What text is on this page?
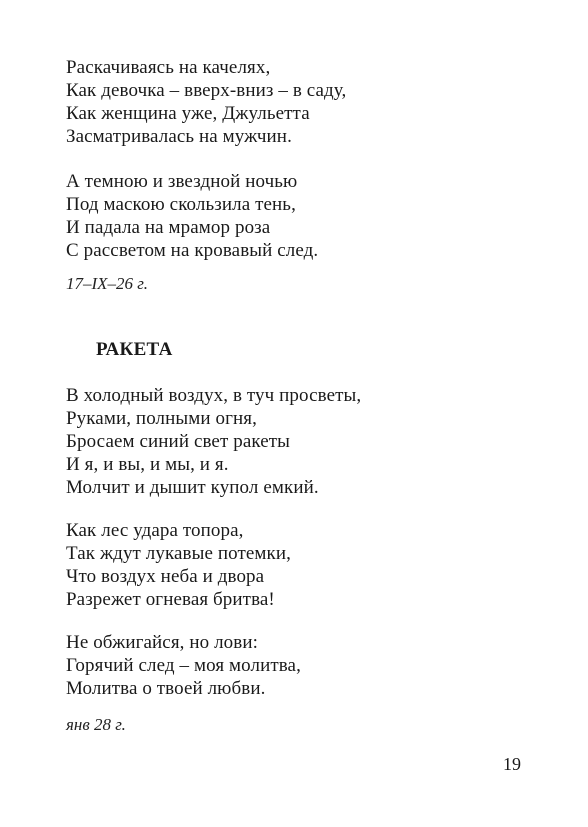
Раскачиваясь на качелях,
Как девочка – вверх-вниз – в саду,
Как женщина уже, Джульетта
Засматривалась на мужчин.
А темною и звездной ночью
Под маскою скользила тень,
И падала на мрамор роза
С рассветом на кровавый след.
17–IX–26 г.
РАКЕТА
В холодный воздух, в туч просветы,
Руками, полными огня,
Бросаем синий свет ракеты
И я, и вы, и мы, и я.
Молчит и дышит купол емкий.
Как лес удара топора,
Так ждут лукавые потемки,
Что воздух неба и двора
Разрежет огневая бритва!
Не обжигайся, но лови:
Горячий след – моя молитва,
Молитва о твоей любви.
янв 28 г.
19
